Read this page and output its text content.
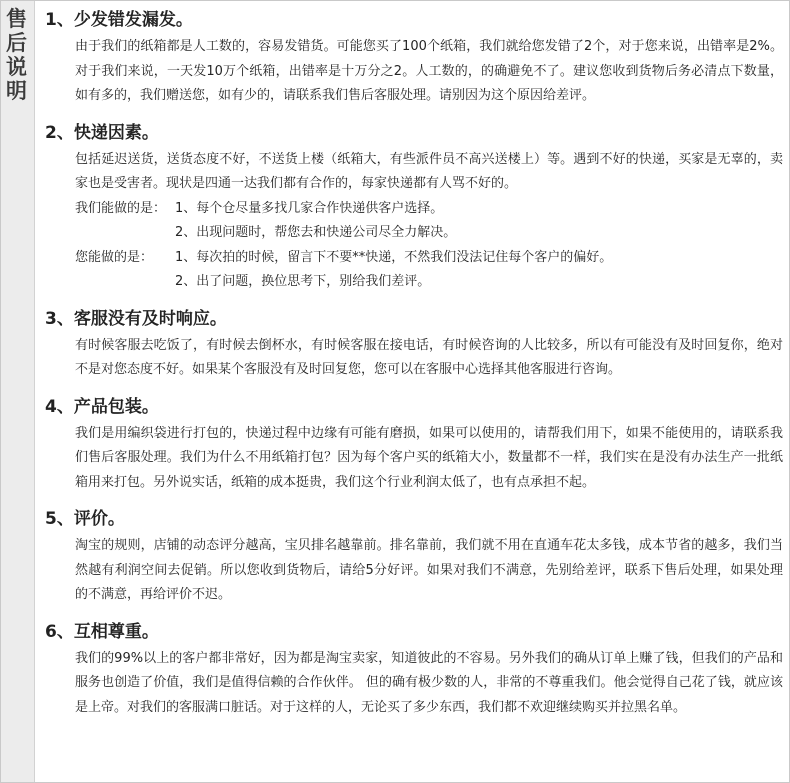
售后说明
1、少发错发漏发。
由于我们的纸箱都是人工数的，容易发错货。可能您买了100个纸箱，我们就给您发错了2个，对于您来说，出错率是2%。对于我们来说，一天发10万个纸箱，出错率是十万分之2。人工数的，的确避免不了。建议您收到货物后务必清点下数量，如有多的，我们赠送您，如有少的，请联系我们售后客服处理。请别因为这个原因给差评。
2、快递因素。
包括延迟送货，送货态度不好，不送货上楼（纸箱大，有些派件员不高兴送楼上）等。遇到不好的快递，买家是无辜的，卖家也是受害者。现状是四通一达我们都有合作的，每家快递都有人骂不好的。
我们能做的是： 1、每个仓尽量多找几家合作快递供客户选择。
2、出现问题时，帮您去和快递公司尽全力解决。
您能做的是：	1、每次拍的时候，留言下不要**快递，不然我们没法记住每个客户的偏好。
2、出了问题，换位思考下，别给我们差评。
3、客服没有及时响应。
有时候客服去吃饭了，有时候去倒杯水，有时候客服在接电话，有时候咨询的人比较多，所以有可能没有及时回复你，绝对不是对您态度不好。如果某个客服没有及时回复您，您可以在客服中心选择其他客服进行咨询。
4、产品包装。
我们是用编织袋进行打包的，快递过程中边缘有可能有磨损，如果可以使用的，请帮我们用下，如果不能使用的，请联系我们售后客服处理。我们为什么不用纸箱打包？因为每个客户买的纸箱大小，数量都不一样，我们实在是没有办法生产一批纸箱用来打包。另外说实话，纸箱的成本挺贵，我们这个行业利润太低了，也有点承担不起。
5、评价。
淘宝的规则，店铺的动态评分越高，宝贝排名越靠前。排名靠前，我们就不用在直通车花太多钱，成本节省的越多，我们当然越有利润空间去促销。所以您收到货物后，请给5分好评。如果对我们不满意，先别给差评，联系下售后处理，如果处理的不满意，再给评价不迟。
6、互相尊重。
我们的99%以上的客户都非常好，因为都是淘宝卖家，知道彼此的不容易。另外我们的确从订单上赚了钱，但我们的产品和服务也创造了价值，我们是值得信赖的合作伙伴。 但的确有极少数的人，非常的不尊重我们。他会觉得自己花了钱，就应该是上帝。对我们的客服满口脏话。对于这样的人，无论买了多少东西，我们都不欢迎继续购买并拉黑名单。
